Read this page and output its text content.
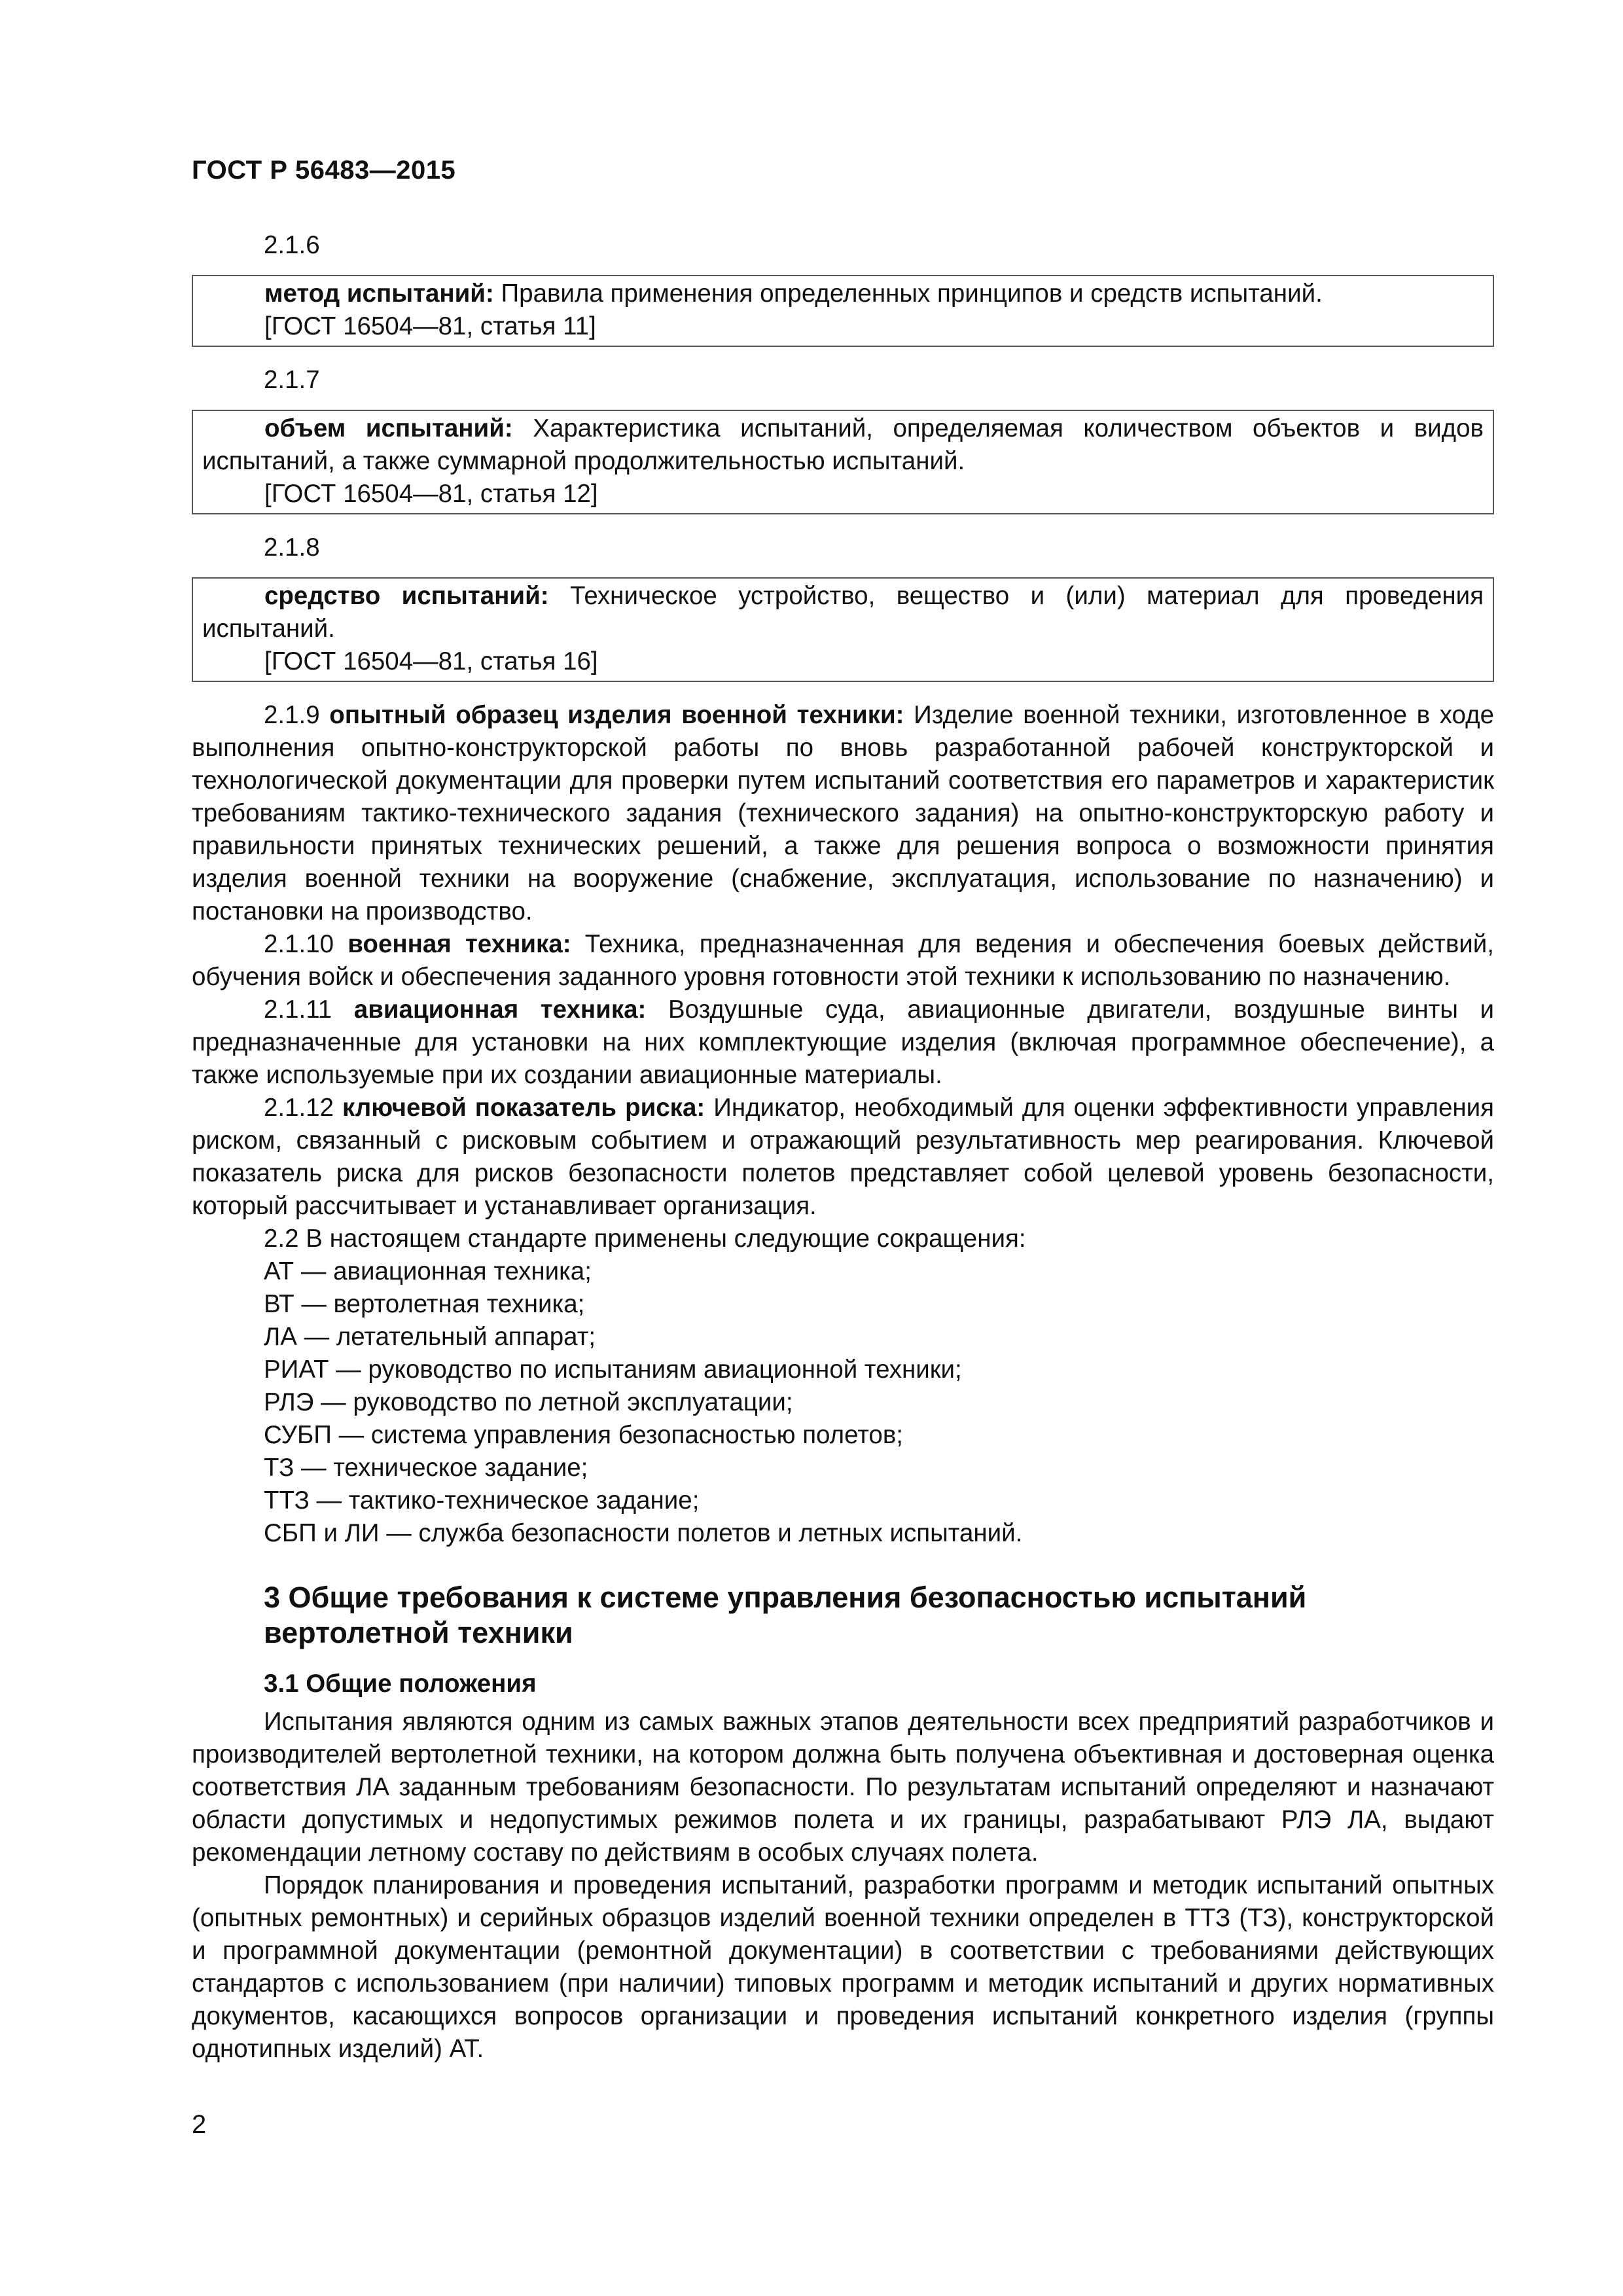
ГОСТ Р 56483—2015

2.1.6

метод испытаний: Правила применения определенных принципов и средств испытаний.

[ГОСТ 16504—81, статья 11]

2.1.7

объем испытаний: Характеристика испытаний, определяемая количеством объектов и видов испытаний, а также суммарной продолжительностью испытаний.

[ГОСТ 16504—81, статья 12]

2.1.8

средство испытаний: Техническое устройство, вещество и (или) материал для проведения испытаний.

[ГОСТ 16504—81, статья 16]

2.1.9 опытный образец изделия военной техники: Изделие военной техники, изготовленное в ходе выполнения опытно-конструкторской работы по вновь разработанной рабочей конструкторской и технологической документации для проверки путем испытаний соответствия его параметров и характеристик требованиям тактико-технического задания (технического задания) на опытно-конструкторскую работу и правильности принятых технических решений, а также для решения вопроса о возможности принятия изделия военной техники на вооружение (снабжение, эксплуатация, использование по назначению) и постановки на производство.

2.1.10 военная техника: Техника, предназначенная для ведения и обеспечения боевых действий, обучения войск и обеспечения заданного уровня готовности этой техники к использованию по назначению.

2.1.11 авиационная техника: Воздушные суда, авиационные двигатели, воздушные винты и предназначенные для установки на них комплектующие изделия (включая программное обеспечение), а также используемые при их создании авиационные материалы.

2.1.12 ключевой показатель риска: Индикатор, необходимый для оценки эффективности управления риском, связанный с рисковым событием и отражающий результативность мер реагирования. Ключевой показатель риска для рисков безопасности полетов представляет собой целевой уровень безопасности, который рассчитывает и устанавливает организация.

2.2 В настоящем стандарте применены следующие сокращения:

АТ — авиационная техника;

ВТ — вертолетная техника;

ЛА — летательный аппарат;

РИАТ — руководство по испытаниям авиационной техники;

РЛЭ — руководство по летной эксплуатации;

СУБП — система управления безопасностью полетов;

ТЗ — техническое задание;

ТТЗ — тактико-техническое задание;

СБП и ЛИ — служба безопасности полетов и летных испытаний.

3 Общие требования к системе управления безопасностью испытаний вертолетной техники
3.1 Общие положения

Испытания являются одним из самых важных этапов деятельности всех предприятий разработчиков и производителей вертолетной техники, на котором должна быть получена объективная и достоверная оценка соответствия ЛА заданным требованиям безопасности. По результатам испытаний определяют и назначают области допустимых и недопустимых режимов полета и их границы, разрабатывают РЛЭ ЛА, выдают рекомендации летному составу по действиям в особых случаях полета.

Порядок планирования и проведения испытаний, разработки программ и методик испытаний опытных (опытных ремонтных) и серийных образцов изделий военной техники определен в ТТЗ (ТЗ), конструкторской и программной документации (ремонтной документации) в соответствии с требованиями действующих стандартов с использованием (при наличии) типовых программ и методик испытаний и других нормативных документов, касающихся вопросов организации и проведения испытаний конкретного изделия (группы однотипных изделий) АТ.

2
